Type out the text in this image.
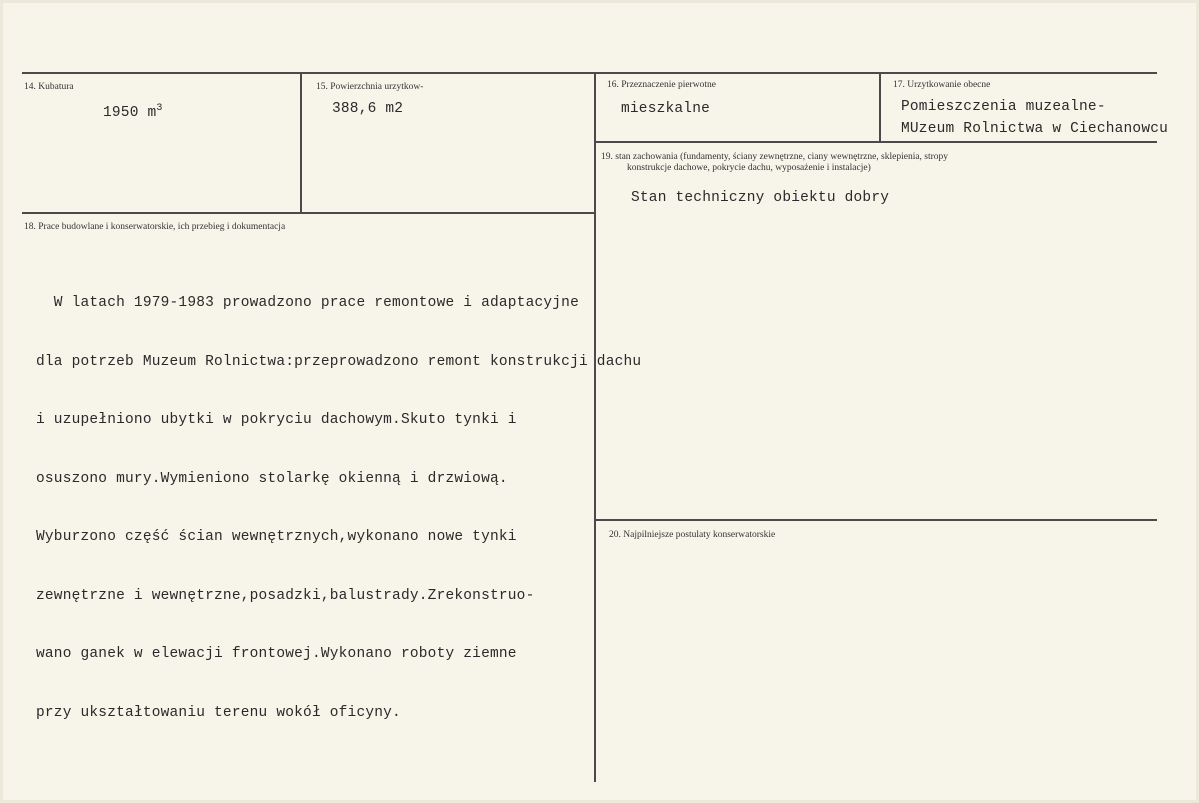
14. Kubatura
1950 $m^3$
15. Powierzchnia urzytkow-
388,6 m2
16. Przeznaczenie pierwotne
mieszkalne
17. Urzytkowanie obecne
Pomieszczenia muzealne-
MUzeum Rolnictwa w Ciechanowcu
19. stan zachowania (fundamenty, ściany zewnętrzne, ciany wewnętrzne, sklepienia, stropy
konstrukcje dachowe, pokrycie dachu, wyposażenie i instalacje)
Stan techniczny obiektu dobry
18. Prace budowlane i konserwatorskie, ich przebieg i dokumentacja

W latach 1979-1983 prowadzono prace remontowe i adaptacyjne

dla potrzeb Muzeum Rolnictwa:przeprowadzono remont konstrukcji dachu

i uzupełniono ubytki w pokryciu dachowym.Skuto tynki i

osuszono mury.Wymieniono stolarkę okienną i drzwiową.

Wyburzono część ścian wewnętrznych,wykonano nowe tynki

zewnętrzne i wewnętrzne,posadzki,balustrady.Zrekonstruo-

wano ganek w elewacji frontowej.Wykonano roboty ziemne

przy ukształtowaniu terenu wokół oficyny.

20. Najpilniejsze postulaty konserwatorskie
